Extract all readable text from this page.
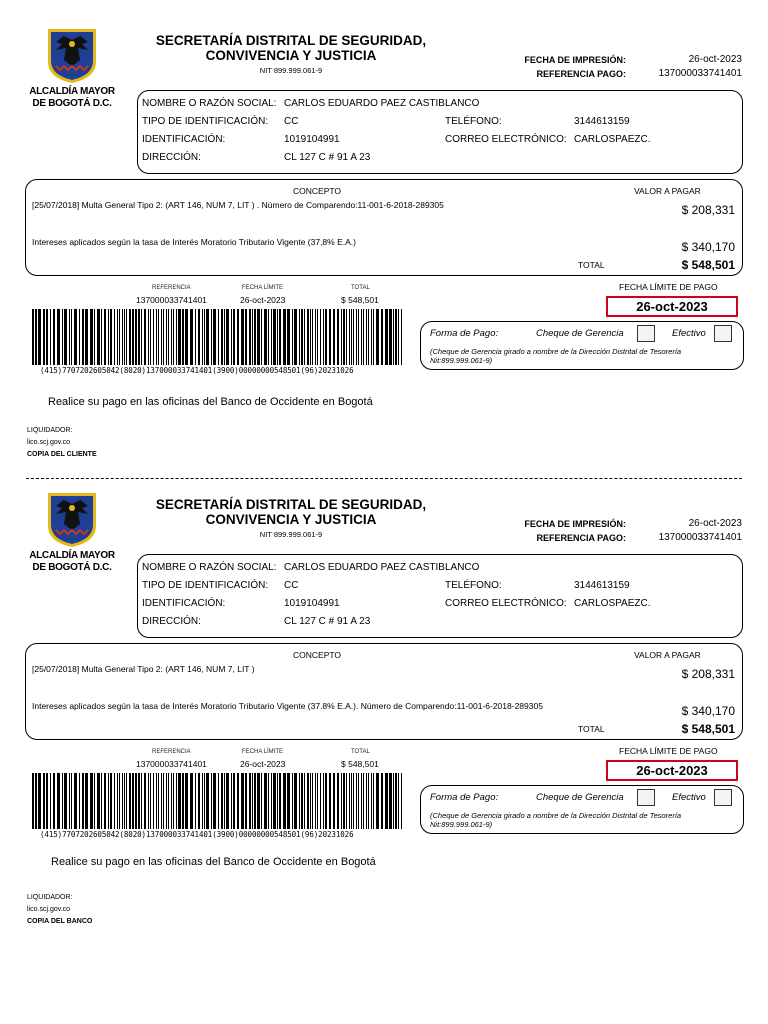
ALCALDÍA MAYOR
DE BOGOTÁ D.C.
SECRETARÍA DISTRITAL DE SEGURIDAD,
CONVIVENCIA Y JUSTICIA
NIT 899.999.061-9
FECHA DE IMPRESIÓN:	26-oct-2023
REFERENCIA PAGO:	137000033741401
NOMBRE O RAZÓN SOCIAL: CARLOS EDUARDO PAEZ CASTIBLANCO
TIPO DE IDENTIFICACIÓN: CC	TELÉFONO:	3144613159
IDENTIFICACIÓN:	1019104991	CORREO ELECTRÓNICO: CARLOSPAEZC.
DIRECCIÓN:	CL 127 C # 91 A 23
CONCEPTO	VALOR A PAGAR
[25/07/2018] Multa General Tipo 2: (ART 146, NUM 7, LIT ) . Número de Comparendo:11-001-6-2018-289305	$ 208,331
Intereses aplicados según la tasa de Interés Moratorio Tributario Vigente (37,8% E.A.)	$ 340,170
TOTAL	$ 548,501
REFERENCIA	FECHA LÍMITE	TOTAL
137000033741401	26-oct-2023	$ 548,501
(415)7707202605042(8020)137000033741401(3900)00000000548501(96)20231026
FECHA LÍMITE DE PAGO
26-oct-2023
Forma de Pago:	Cheque de Gerencia	Efectivo
(Cheque de Gerencia girado a nombre de la Dirección Distrital de Tesorería Nit:899.999.061-9)
Realice su pago en las oficinas del Banco de Occidente en Bogotá
LIQUIDADOR:
lico.scj.gov.co
COPIA DEL CLIENTE
ALCALDÍA MAYOR
DE BOGOTÁ D.C.
SECRETARÍA DISTRITAL DE SEGURIDAD,
CONVIVENCIA Y JUSTICIA
NIT 899.999.061-9
FECHA DE IMPRESIÓN:	26-oct-2023
REFERENCIA PAGO:	137000033741401
NOMBRE O RAZÓN SOCIAL: CARLOS EDUARDO PAEZ CASTIBLANCO
TIPO DE IDENTIFICACIÓN: CC	TELÉFONO:	3144613159
IDENTIFICACIÓN:	1019104991	CORREO ELECTRÓNICO: CARLOSPAEZC.
DIRECCIÓN:	CL 127 C # 91 A 23
CONCEPTO	VALOR A PAGAR
[25/07/2018] Multa General Tipo 2: (ART 146, NUM 7, LIT )	$ 208,331
Intereses aplicados según la tasa de Interés Moratorio Tributario Vigente (37.8% E.A.). Número de Comparendo:11-001-6-2018-289305	$ 340,170
TOTAL	$ 548,501
REFERENCIA	FECHA LÍMITE	TOTAL
137000033741401	26-oct-2023	$ 548,501
(415)7707202605042(8020)137000033741401(3900)00000000548501(96)20231026
FECHA LÍMITE DE PAGO
26-oct-2023
Forma de Pago:	Cheque de Gerencia	Efectivo
(Cheque de Gerencia girado a nombre de la Dirección Distrital de Tesorería Nit:899.999.061-9)
Realice su pago en las oficinas del Banco de Occidente en Bogotá
LIQUIDADOR:
lico.scj.gov.co
COPIA DEL BANCO
